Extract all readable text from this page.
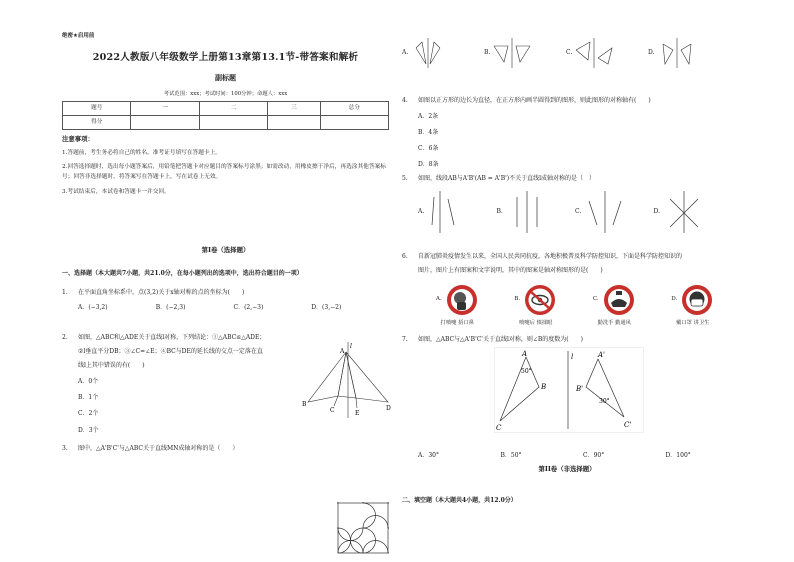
绝密★启用前
2022人教版八年级数学上册第13章第13.1节-带答案和解析
副标题
考试范围：xxx；考试时间：100分钟；命题人：xxx
题号	一	二	三	总分
得分				
注意事项：

1.答题前，考生务必将自己的姓名、准考证号填写在答题卡上。

2.回答选择题时，选出每小题答案后，用铅笔把答题卡对应题目的答案标号涂黑；如需改动，用橡皮擦干净后，再选涂其他答案标号；回答非选择题时，将答案写在答题卡上，写在试卷上无效。

3.考试结束后，本试卷和答题卡一并交回。

第I卷（选择题）
一、选择题（本大题共7小题，共21.0分，在每小题列出的选项中，选出符合题目的一项）
1. 在平面直角坐标系中，点(3,2)关于x轴对称的点的坐标为(　　)
A．(−3,2)	B．(−2,3)	C．(2,−3)	D．(3,−2)
2. 如图，△ABC和△ADE关于直线l对称，下列结论：①△ABC≌△ADE；
②l垂直平分DB；③∠C=∠E；④BC与DE的延长线的交点一定落在直
线l上其中错误的有(　　)
A．0个
B．1个
C．2个
D．3个
A
l
B
C	E
D
3. 图中，△A'B'C'与△ABC关于直线MN成轴对称的是（　　）
A.	B.	C.	D.
4. 如图以正方形的边长为直径，在正方形内画半圆得到的图形，则此图形的对称轴有(　　)
A．2条
B．4条
C．6条
D．8条
5. 如图，线段AB与A'B'(AB = A'B')不关于直线l成轴对称的是（　）
A.	B.	C.	D.
6. 自新冠肺炎疫情发生以来，全国人民共同抗疫，各地积极普及科学防控知识，下面是科学防控知识的
图片，图片上有图案和文字说明，其中的图案是轴对称图形的是(　　)
A.
打喷嚏 捂口鼻
B.
喷嚏后 慎揉眼
C.
勤洗手 勤通风
D.
戴口罩 讲卫生
7. 如图，△ABC与△A'B'C'关于直线l对称，则∠B的度数为(　　)
A
50°
B
C
l	A'
B'
30°
C'
A．30°	B．50°	C．90°	D．100°
第II卷（非选择题）
二、填空题（本大题共4小题，共12.0分）
